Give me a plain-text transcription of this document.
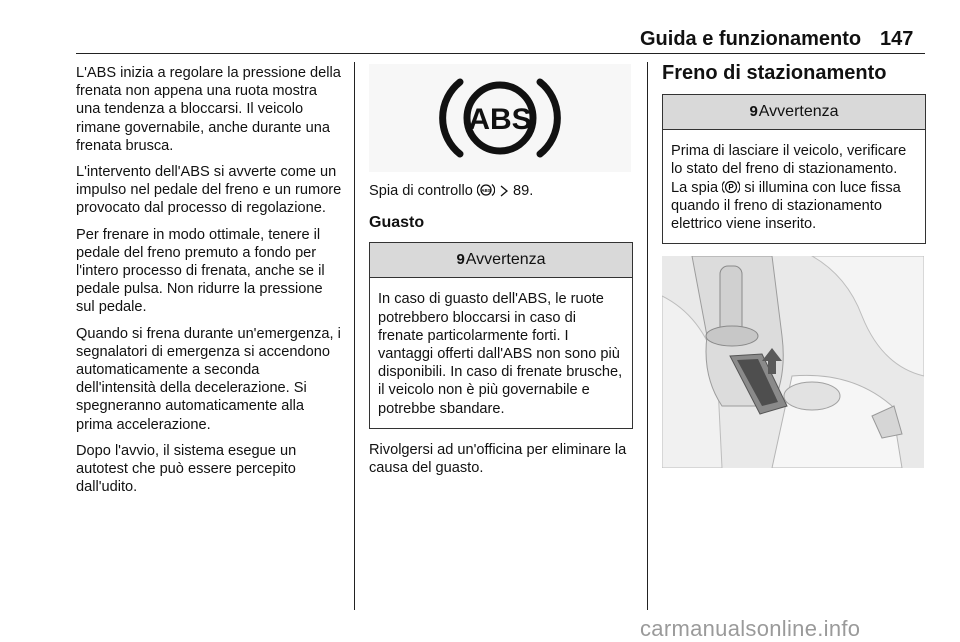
Guida e funzionamento 147

L'ABS inizia a regolare la pressione della frenata non appena una ruota mostra una tendenza a bloccarsi. Il veicolo rimane governabile, anche durante una frenata brusca.

L'intervento dell'ABS si avverte come un impulso nel pedale del freno e un rumore provocato dal processo di regolazione.

Per frenare in modo ottimale, tenere il pedale del freno premuto a fondo per l'intero processo di frenata, anche se il pedale pulsa. Non ridurre la pressione sul pedale.

Quando si frena durante un'emergenza, i segnalatori di emergenza si accendono automaticamente a seconda dell'intensità della decelerazione. Si spegneranno automaticamente alla prima accelerazione.

Dopo l'avvio, il sistema esegue un autotest che può essere percepito dall'udito.

ABS

Spia di controllo ABS 89.

Guasto
9 Avvertenza
In caso di guasto dell'ABS, le ruote potrebbero bloccarsi in caso di frenate particolarmente forti. I vantaggi offerti dall'ABS non sono più disponibili. In caso di frenate brusche, il veicolo non è più governabile e potrebbe sbandare.

Rivolgersi ad un'officina per eliminare la causa del guasto.

Freno di stazionamento
9 Avvertenza
Prima di lasciare il veicolo, verificare lo stato del freno di stazionamento. La spia P si illumina con luce fissa quando il freno di stazionamento elettrico viene inserito.
carmanualsonline.info
